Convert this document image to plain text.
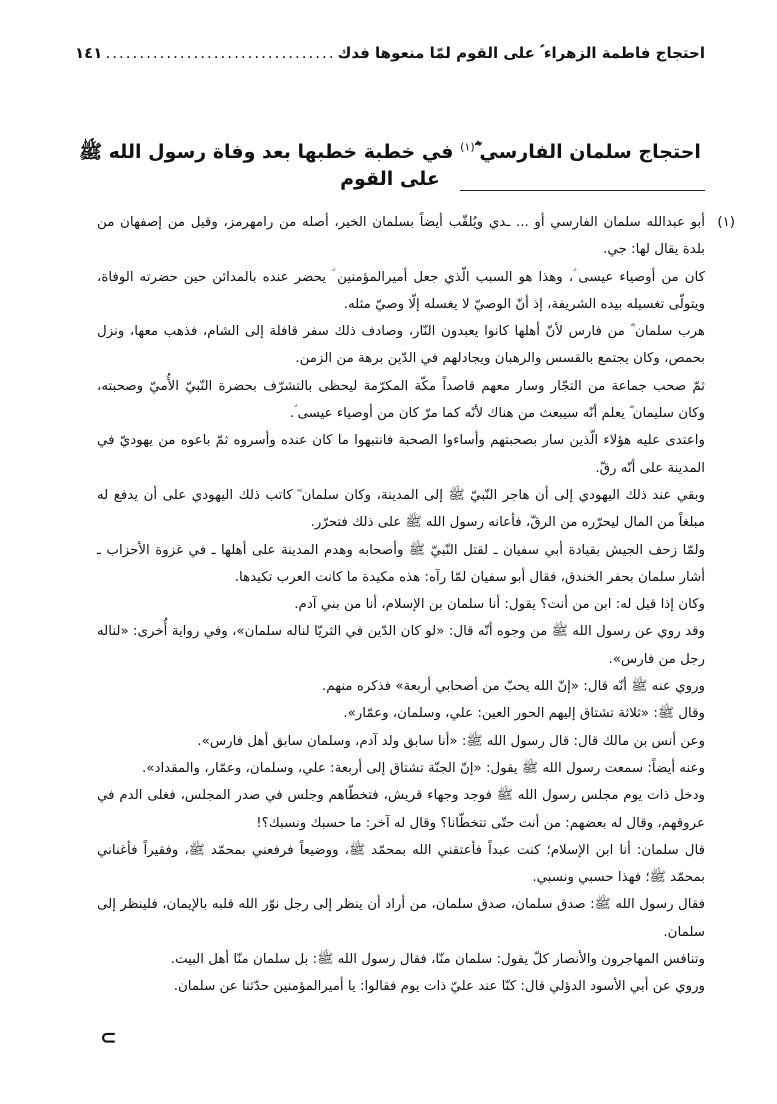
احتجاج فاطمة الزهراء ؑ على القوم لمّا منعوها فدك
.....
١٤١
احتجاج سلمان الفارسي ؓ$^{(١)}$ في خطبة خطبها بعد وفاة رسول الله ﷺ على القوم
(١)

أبو عبدالله سلمان الفارسي أو ... ـدي ويُلقّب أيضاً بسلمان الخير، أصله من رامهرمز، وقيل من إصفهان من بلدة يقال لها: جي.

كان من أوصياء عيسى ؑ، وهذا هو السبب الّذي جعل أميرالمؤمنين ؑ يحضر عنده بالمدائن حين حضرته الوفاة، ويتولّى تغسيله بيده الشريفة، إذ أنّ الوصيّ لا يغسله إلّا وصيّ مثله.

هرب سلمان ؓ من فارس لأنّ أهلها كانوا يعبدون النّار، وصادف ذلك سفر قافلة إلى الشام، فذهب معها، ونزل بحمص، وكان يجتمع بالقسس والرهبان ويجادلهم في الدّين برهة من الزمن.

ثمّ صحب جماعة من التجّار وسار معهم قاصداً مكّة المكرّمة ليحظى بالتشرّف بحضرة النّبيّ الأُميّ وصحبته، وكان سليمان ؓ يعلم أنّه سيبعث من هناك لأنّه كما مرّ كان من أوصياء عيسى ؑ.

واعتدى عليه هؤلاء الّذين سار بصحبتهم وأساءوا الصحبة فانتبهوا ما كان عنده وأسروه ثمّ باعوه من يهوديّ في المدينة على أنّه رقّ.

وبقي عند ذلك اليهودي إلى أن هاجر النّبيّ ﷺ إلى المدينة، وكان سلمان ؓ كاتب ذلك اليهودي على أن يدفع له مبلغاً من المال ليحرّره من الرقّ، فأعانه رسول الله ﷺ على ذلك فتحرّر.

ولمّا زحف الجيش بقيادة أبي سفيان ـ لقتل النّبيّ ﷺ وأصحابه وهدم المدينة على أهلها ـ في غزوة الأحزاب ـ أشار سلمان بحفر الخندق، فقال أبو سفيان لمّا رآه: هذه مكيدة ما كانت العرب تكيدها.

وكان إذا قيل له: ابن من أنت؟ يقول: أنا سلمان بن الإسلام، أنا من بني آدم.

وقد روي عن رسول الله ﷺ من وجوه أنّه قال: «لو كان الدّين في الثريّا لناله سلمان»، وفي رواية أُخرى: «لناله رجل من فارس».

وروي عنه ﷺ أنّه قال: «إنّ الله يحبّ من أصحابي أربعة» فذكره منهم.

وقال ﷺ: «ثلاثة تشتاق إليهم الحور العين: علي، وسلمان، وعمّار».

وعن أنس بن مالك قال: قال رسول الله ﷺ: «أنا سابق ولد آدم، وسلمان سابق أهل فارس».

وعنه أيضاً: سمعت رسول الله ﷺ يقول: «إنّ الجنّة تشتاق إلى أربعة: علي، وسلمان، وعمّار، والمقداد».

ودخل ذات يوم مجلس رسول الله ﷺ فوجد وجهاء قريش، فتخطّاهم وجلس في صدر المجلس، فغلى الدم في عروقهم، وقال له بعضهم: من أنت حتّى تتخطّانا؟ وقال له آخر: ما حسبك ونسبك؟!

قال سلمان: أنا ابن الإسلام؛ كنت عبداً فأعتقني الله بمحمّد ﷺ، ووضيعاً فرفعني بمحمّد ﷺ، وفقيراً فأغناني بمحمّد ﷺ؛ فهذا حسبي ونسبي.

فقال رسول الله ﷺ: صدق سلمان، صدق سلمان، من أراد أن ينظر إلى رجل نوّر الله قلبه بالإيمان، فلينظر إلى سلمان.

وتنافس المهاجرون والأنصار كلّ يقول: سلمان منّا، فقال رسول الله ﷺ: بل سلمان منّا أهل البيت.

وروي عن أبي الأسود الدؤلي قال: كنّا عند عليّ ذات يوم فقالوا: يا أميرالمؤمنين حدّثنا عن سلمان.

⊂
